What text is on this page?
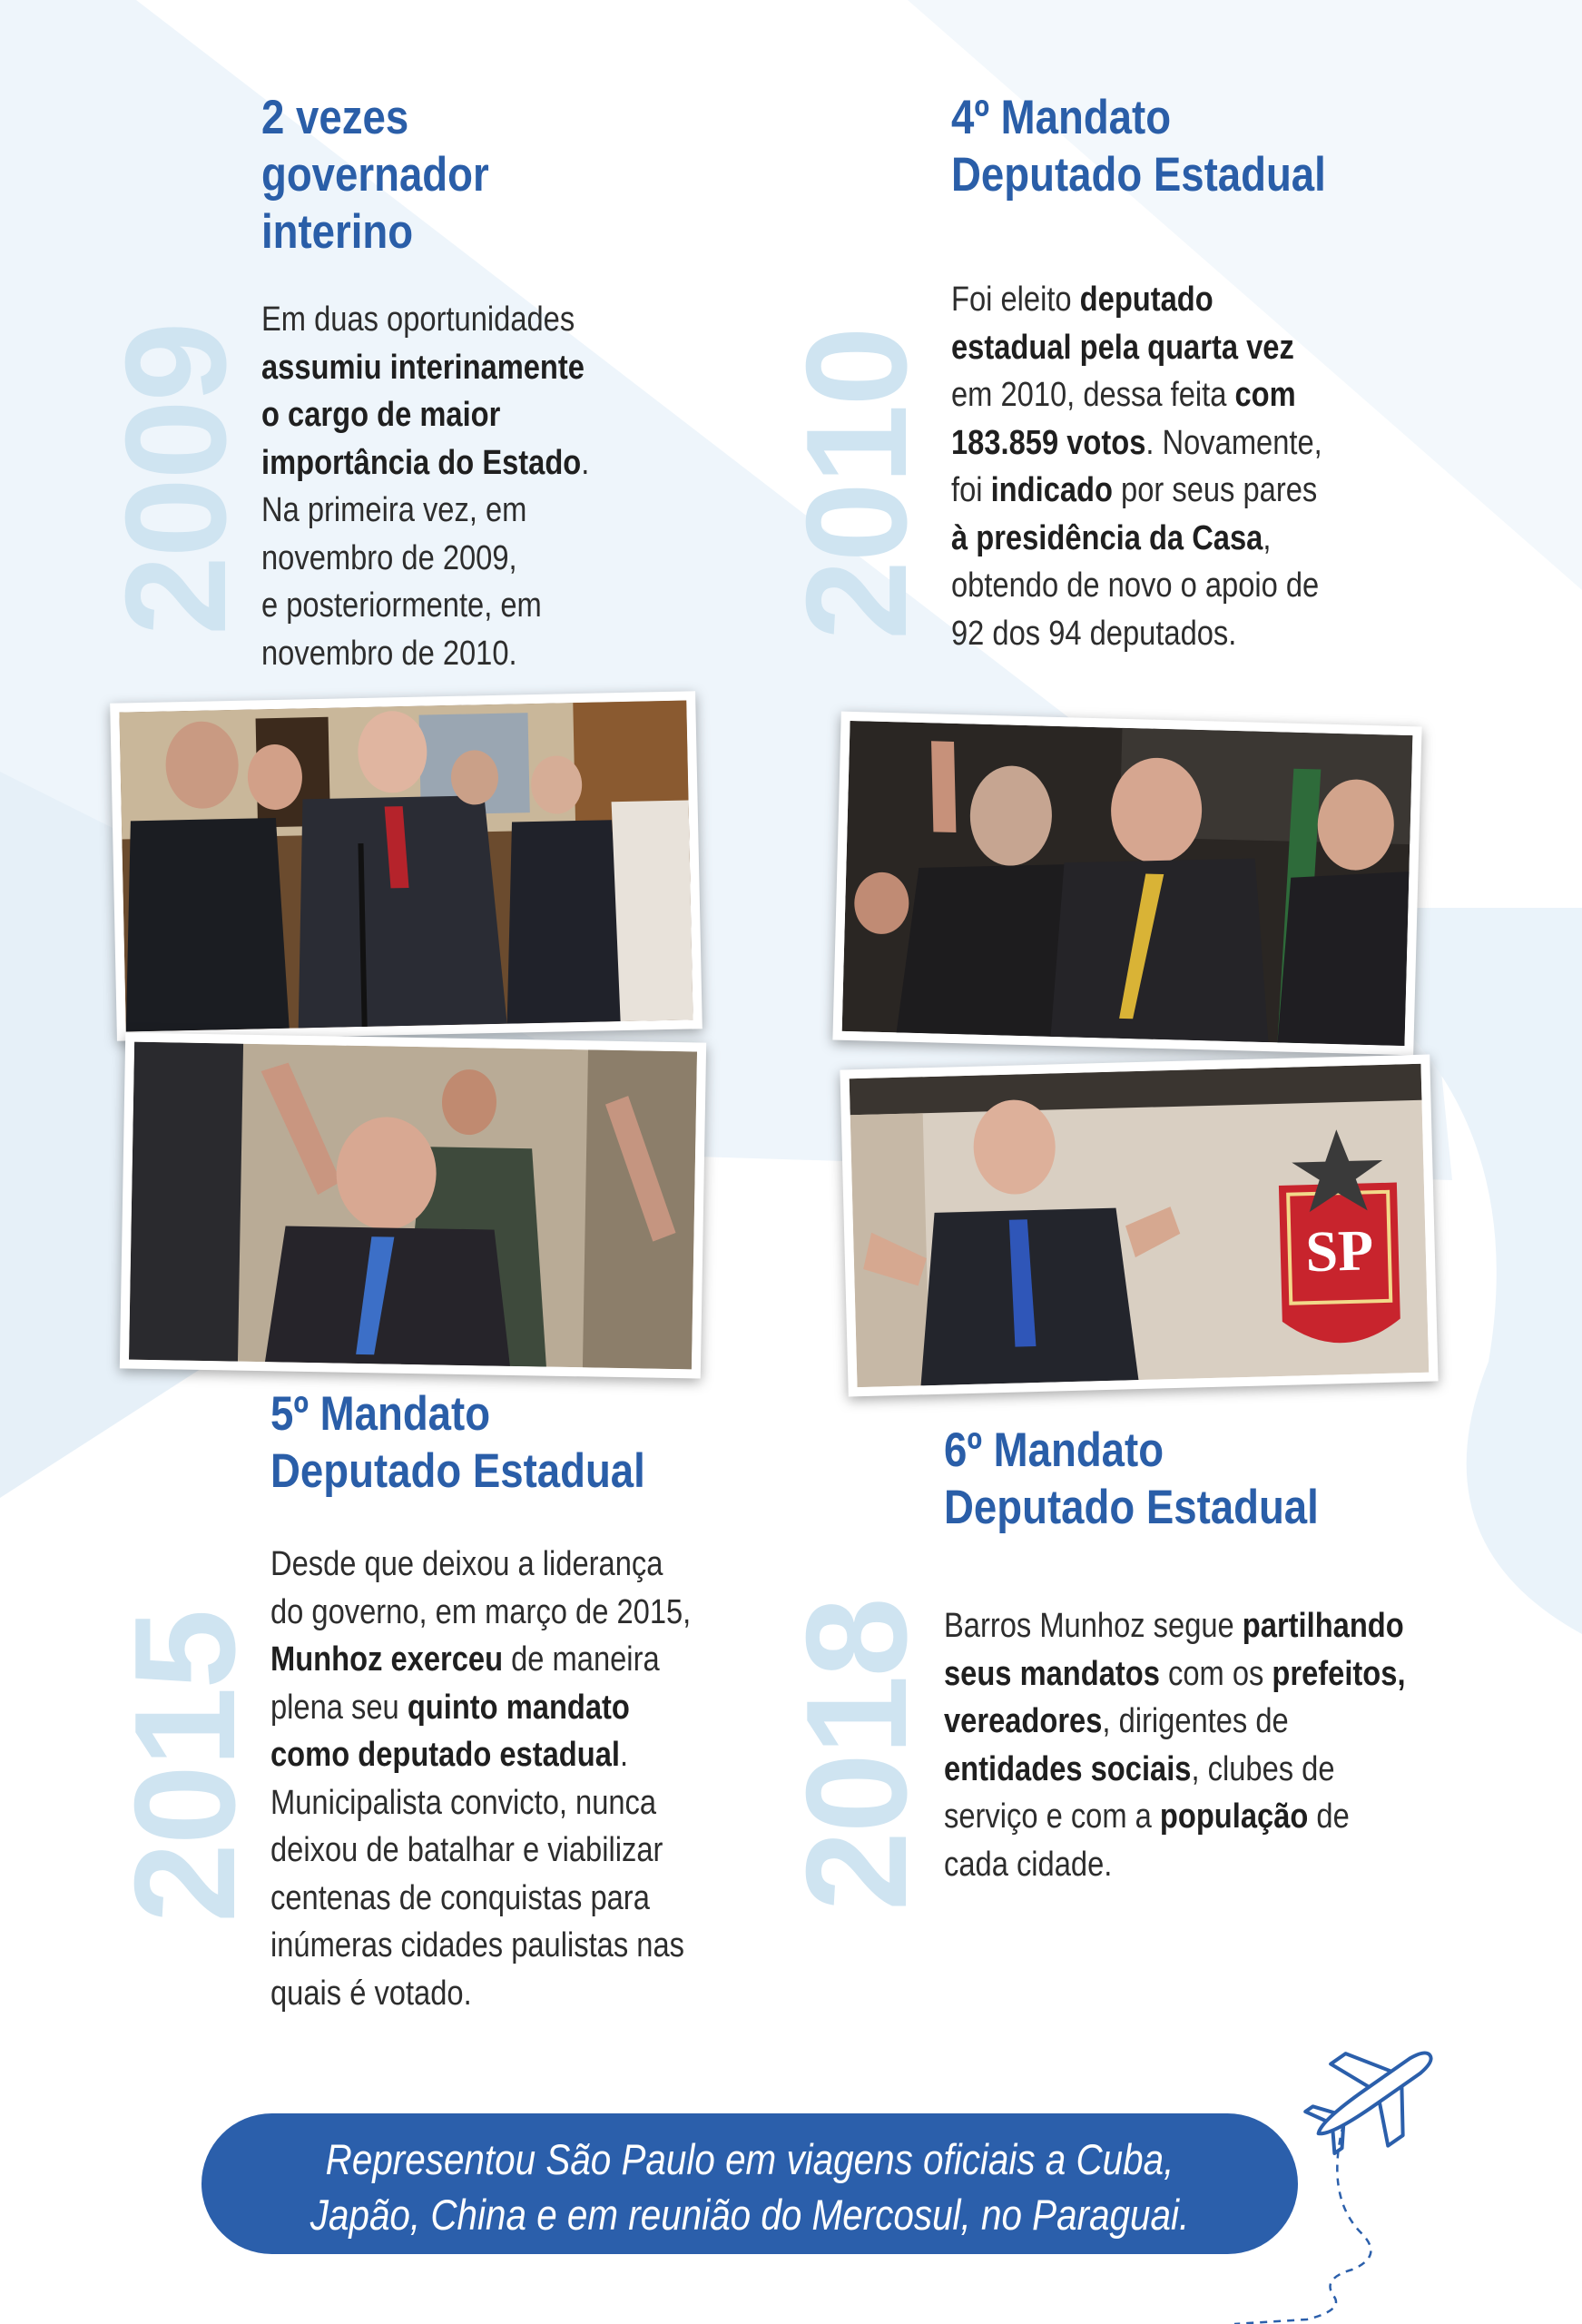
2009
2 vezes
governador
interino
Em duas oportunidades
assumiu interinamente
o cargo de maior
importância do Estado.
Na primeira vez, em
novembro de 2009,
e posteriormente, em
novembro de 2010.
2010
4º Mandato
Deputado Estadual
Foi eleito deputado
estadual pela quarta vez
em 2010, dessa feita com
183.859 votos. Novamente,
foi indicado por seus pares
à presidência da Casa,
obtendo de novo o apoio de
92 dos 94 deputados.
SP
2015
5º Mandato
Deputado Estadual
Desde que deixou a liderança
do governo, em março de 2015,
Munhoz exerceu de maneira
plena seu quinto mandato
como deputado estadual.
Municipalista convicto, nunca
deixou de batalhar e viabilizar
centenas de conquistas para
inúmeras cidades paulistas nas
quais é votado.
2018
6º Mandato
Deputado Estadual
Barros Munhoz segue partilhando
seus mandatos com os prefeitos,
vereadores, dirigentes de
entidades sociais, clubes de
serviço e com a população de
cada cidade.
Representou São Paulo em viagens oficiais a Cuba,
Japão, China e em reunião do Mercosul, no Paraguai.
